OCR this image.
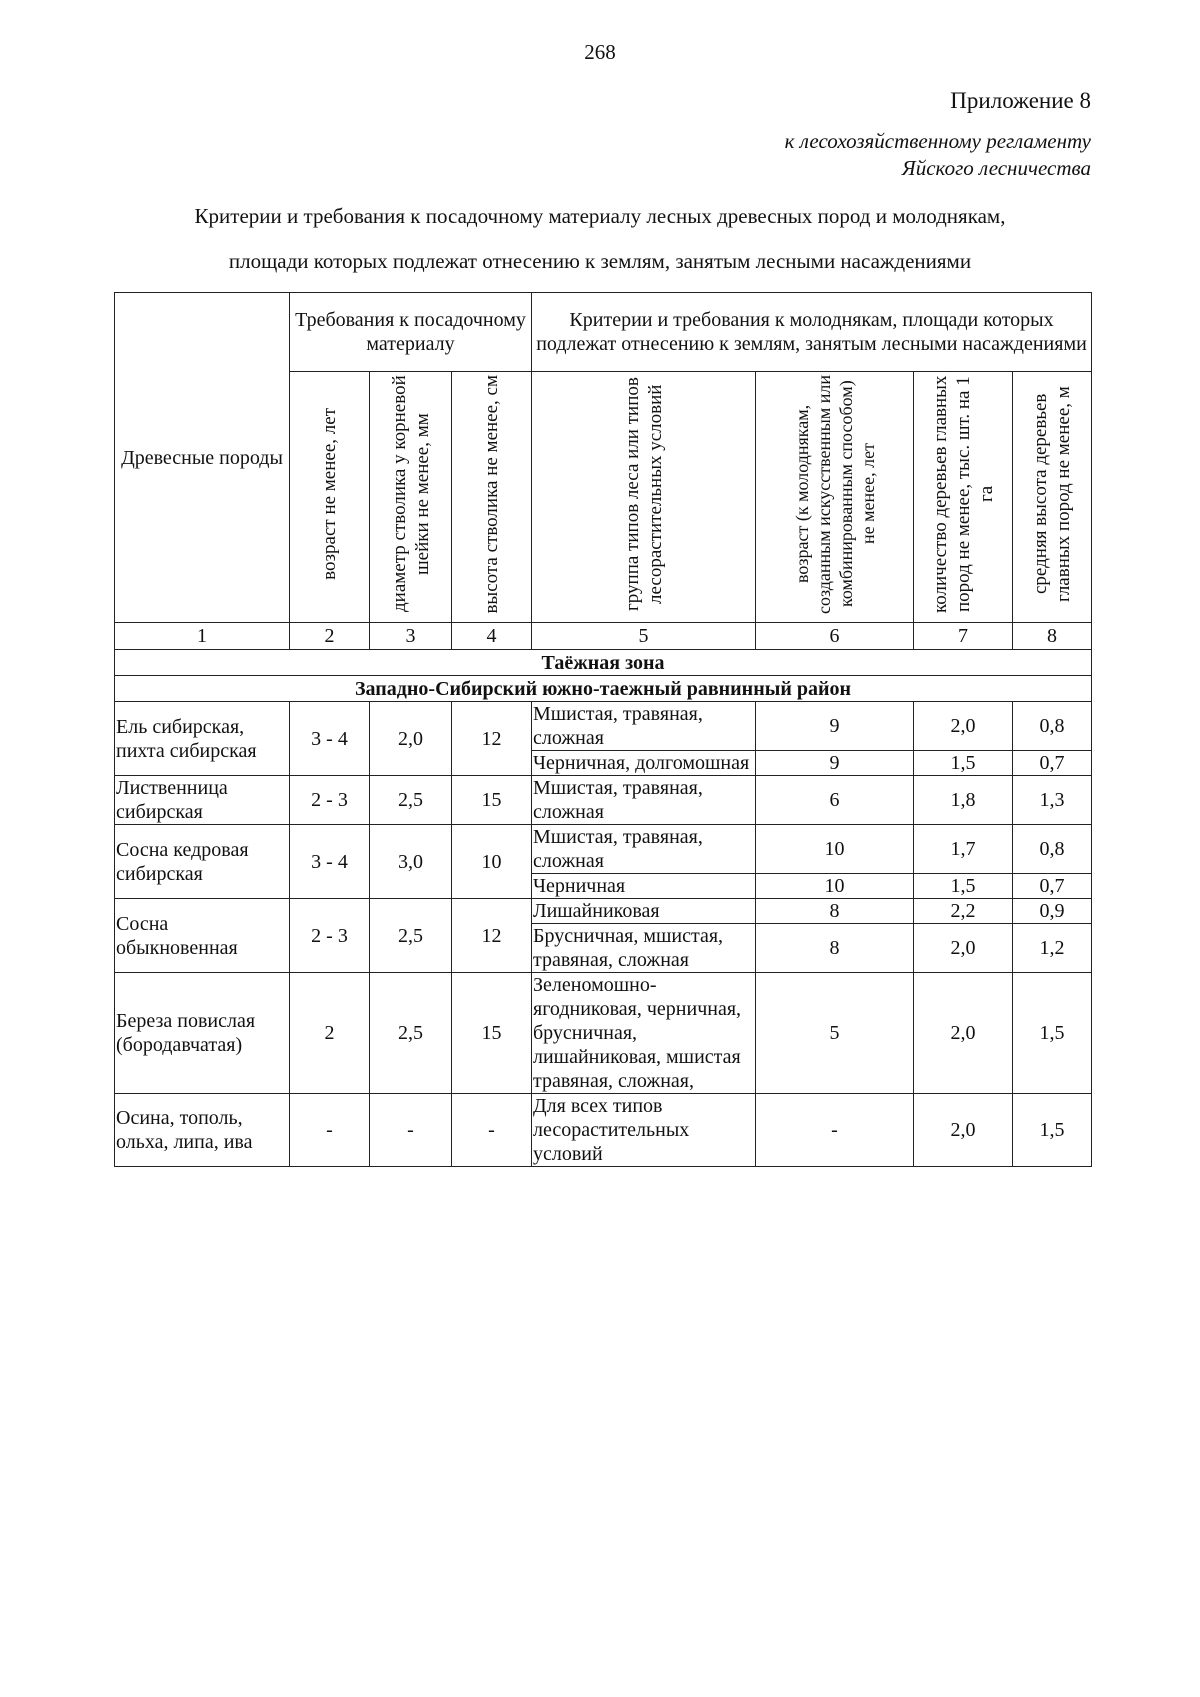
268
Приложение 8
к лесохозяйственному регламенту
Яйского лесничества
Критерии и требования к посадочному материалу лесных древесных пород и молоднякам,
площади которых подлежат отнесению к землям, занятым лесными насаждениями
Древесные породы	Требования к посадочному материалу			Критерии и требования к молоднякам, площади которых подлежат отнесению к землям, занятым лесными насаждениями			
	возраст не менее, лет	диаметр стволика у корневой шейки не менее, мм	высота стволика не менее, см	группа типов леса или типов лесорастительных условий	возраст (к молоднякам, созданным искусственным или комбинированным способом) не менее, лет	количество деревьев главных пород не менее, тыс. шт. на 1 га	средняя высота деревьев главных пород не менее, м
1	2	3	4	5	6	7	8
Таёжная зона							
Западно-Сибирский южно-таежный равнинный район							
Ель сибирская, пихта сибирская	3 - 4	2,0	12	Мшистая, травяная, сложная	9	2,0	0,8
				Черничная, долгомошная	9	1,5	0,7
Лиственница сибирская	2 - 3	2,5	15	Мшистая, травяная, сложная	6	1,8	1,3
Сосна кедровая сибирская	3 - 4	3,0	10	Мшистая, травяная, сложная	10	1,7	0,8
				Черничная	10	1,5	0,7
Сосна обыкновенная	2 - 3	2,5	12	Лишайниковая	8	2,2	0,9
				Брусничная, мшистая, травяная, сложная	8	2,0	1,2
Береза повислая (бородавчатая)	2	2,5	15	Зеленомошно-ягодниковая, черничная, брусничная, лишайниковая, мшистая травяная, сложная,	5	2,0	1,5
Осина, тополь, ольха, липа, ива	-	-	-	Для всех типов лесорастительных условий	-	2,0	1,5
